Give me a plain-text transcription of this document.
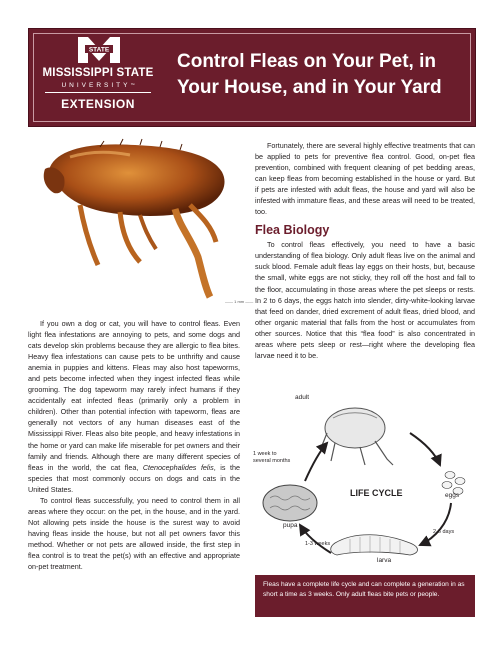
STATE
MISSISSIPPI STATE
UNIVERSITY™
EXTENSION
Control Fleas on Your Pet, in
Your House, and in Your Yard
—— 1 mm ——

If you own a dog or cat, you will have to control fleas. Even light flea infestations are annoying to pets, and some dogs and cats develop skin problems because they are allergic to flea bites. Heavy flea infestations can cause pets to be unthrifty and cause anemia in puppies and kittens. Fleas may also host tapeworms, and pets become infected when they ingest infected fleas while grooming. The dog tapeworm may rarely infect humans if they accidentally eat infected fleas (primarily only a problem in children). Other than potential infection with tapeworm, fleas are generally not vectors of any human diseases east of the Mississippi River. Fleas also bite people, and heavy infestations in the home or yard can make life miserable for pet owners and their family and friends. Although there are many different species of fleas in the world, the cat flea, Ctenocephalides felis, is the species that most commonly occurs on dogs and cats in the United States.

To control fleas successfully, you need to control them in all areas where they occur: on the pet, in the house, and in the yard. Not allowing pets inside the house is the surest way to avoid having fleas inside the house, but not all pet owners favor this method. Whether or not pets are allowed inside, the first step in flea control is to treat the pet(s) with an effective and appropriate on-pet treatment.

Fortunately, there are several highly effective treatments that can be applied to pets for preventive flea control. Good, on-pet flea prevention, combined with frequent cleaning of pet bedding areas, can keep fleas from becoming established in the house or yard. But if pets are infested with adult fleas, the house and yard will also be infested with immature fleas, and these areas will need to be treated, too.

Flea Biology

To control fleas effectively, you need to have a basic understanding of flea biology. Only adult fleas live on the animal and suck blood. Female adult fleas lay eggs on their hosts, but, because the small, white eggs are not sticky, they roll off the host and fall to the floor, accumulating in those areas where the pet sleeps or rests. In 2 to 6 days, the eggs hatch into slender, dirty-white-looking larvae that feed on dander, dried excrement of adult fleas, dried blood, and other organic material that falls from the host or accumulates from other sources. Notice that this “flea food” is also concentrated in areas where pets sleep or rest—right where the developing flea larvae need it to be.

adult
1 week to
several months
LIFE CYCLE	eggs
2-6 days
pupa
1-3 weeks
larva
Fleas have a complete life cycle and can complete a generation in as short a time as 3 weeks. Only adult fleas bite pets or people.
